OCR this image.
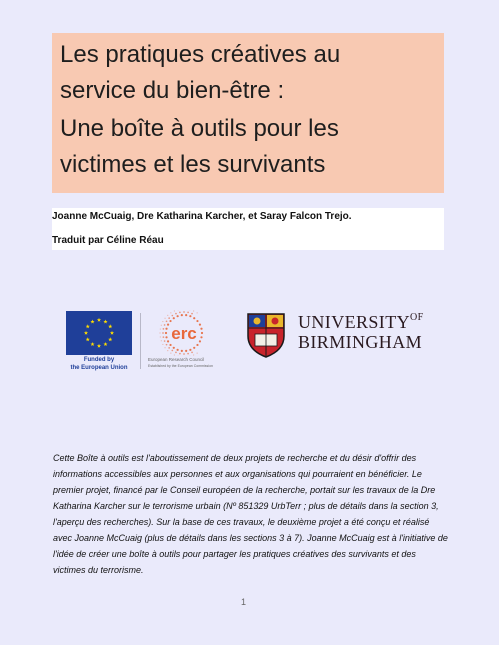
Les pratiques créatives au
service du bien-être :
Une boîte à outils pour les
victimes et les survivants
Joanne McCuaig, Dre Katharina Karcher, et Saray Falcon Trejo.
Traduit par Céline Réau
Funded by
the European Union
erc
European Research Council
Established by the European Commission
$UNIVERSITY^{OF}$
BIRMINGHAM
Cette Boîte à outils est l'aboutissement de deux projets de recherche et du désir d'offrir des informations accessibles aux personnes et aux organisations qui pourraient en bénéficier. Le premier projet, financé par le Conseil européen de la recherche, portait sur les travaux de la Dre Katharina Karcher sur le terrorisme urbain (Nº 851329 UrbTerr ; plus de détails dans la section 3, l'aperçu des recherches). Sur la base de ces travaux, le deuxième projet a été conçu et réalisé avec Joanne McCuaig (plus de détails dans les sections 3 à 7). Joanne McCuaig est à l'initiative de l'idée de créer une boîte à outils pour partager les pratiques créatives des survivants et des victimes du terrorisme.
1
